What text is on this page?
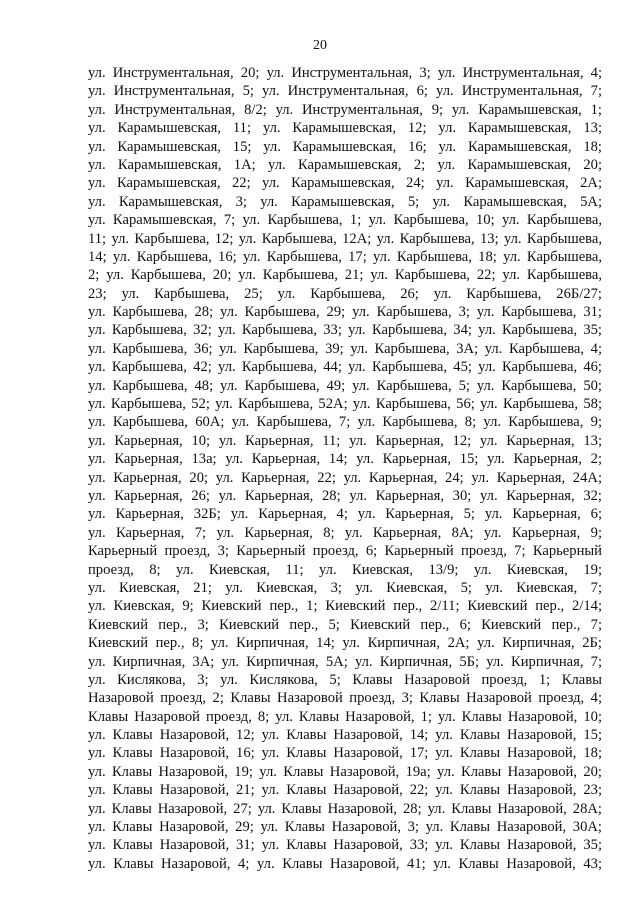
20
ул. Инструментальная, 20; ул. Инструментальная, 3; ул. Инструментальная, 4;
ул. Инструментальная, 5; ул. Инструментальная, 6; ул. Инструментальная, 7;
ул. Инструментальная, 8/2; ул. Инструментальная, 9; ул. Карамышевская, 1;
ул. Карамышевская, 11; ул. Карамышевская, 12; ул. Карамышевская, 13;
ул. Карамышевская, 15; ул. Карамышевская, 16; ул. Карамышевская, 18;
ул. Карамышевская, 1А; ул. Карамышевская, 2; ул. Карамышевская, 20;
ул. Карамышевская, 22; ул. Карамышевская, 24; ул. Карамышевская, 2А;
ул. Карамышевская, 3; ул. Карамышевская, 5; ул. Карамышевская, 5А;
ул. Карамышевская, 7; ул. Карбышева, 1; ул. Карбышева, 10; ул. Карбышева,
11; ул. Карбышева, 12; ул. Карбышева, 12А; ул. Карбышева, 13; ул. Карбышева,
14; ул. Карбышева, 16; ул. Карбышева, 17; ул. Карбышева, 18; ул. Карбышева,
2; ул. Карбышева, 20; ул. Карбышева, 21; ул. Карбышева, 22; ул. Карбышева,
23; ул. Карбышева, 25; ул. Карбышева, 26; ул. Карбышева, 26Б/27;
ул. Карбышева, 28; ул. Карбышева, 29; ул. Карбышева, 3; ул. Карбышева, 31;
ул. Карбышева, 32; ул. Карбышева, 33; ул. Карбышева, 34; ул. Карбышева, 35;
ул. Карбышева, 36; ул. Карбышева, 39; ул. Карбышева, 3А; ул. Карбышева, 4;
ул. Карбышева, 42; ул. Карбышева, 44; ул. Карбышева, 45; ул. Карбышева, 46;
ул. Карбышева, 48; ул. Карбышева, 49; ул. Карбышева, 5; ул. Карбышева, 50;
ул. Карбышева, 52; ул. Карбышева, 52А; ул. Карбышева, 56; ул. Карбышева, 58;
ул. Карбышева, 60А; ул. Карбышева, 7; ул. Карбышева, 8; ул. Карбышева, 9;
ул. Карьерная, 10; ул. Карьерная, 11; ул. Карьерная, 12; ул. Карьерная, 13;
ул. Карьерная, 13а; ул. Карьерная, 14; ул. Карьерная, 15; ул. Карьерная, 2;
ул. Карьерная, 20; ул. Карьерная, 22; ул. Карьерная, 24; ул. Карьерная, 24А;
ул. Карьерная, 26; ул. Карьерная, 28; ул. Карьерная, 30; ул. Карьерная, 32;
ул. Карьерная, 32Б; ул. Карьерная, 4; ул. Карьерная, 5; ул. Карьерная, 6;
ул. Карьерная, 7; ул. Карьерная, 8; ул. Карьерная, 8А; ул. Карьерная, 9;
Карьерный проезд, 3; Карьерный проезд, 6; Карьерный проезд, 7; Карьерный
проезд, 8; ул. Киевская, 11; ул. Киевская, 13/9; ул. Киевская, 19;
ул. Киевская, 21; ул. Киевская, 3; ул. Киевская, 5; ул. Киевская, 7;
ул. Киевская, 9; Киевский пер., 1; Киевский пер., 2/11; Киевский пер., 2/14;
Киевский пер., 3; Киевский пер., 5; Киевский пер., 6; Киевский пер., 7;
Киевский пер., 8; ул. Кирпичная, 14; ул. Кирпичная, 2А; ул. Кирпичная, 2Б;
ул. Кирпичная, 3А; ул. Кирпичная, 5А; ул. Кирпичная, 5Б; ул. Кирпичная, 7;
ул. Кислякова, 3; ул. Кислякова, 5; Клавы Назаровой проезд, 1; Клавы
Назаровой проезд, 2; Клавы Назаровой проезд, 3; Клавы Назаровой проезд, 4;
Клавы Назаровой проезд, 8; ул. Клавы Назаровой, 1; ул. Клавы Назаровой, 10;
ул. Клавы Назаровой, 12; ул. Клавы Назаровой, 14; ул. Клавы Назаровой, 15;
ул. Клавы Назаровой, 16; ул. Клавы Назаровой, 17; ул. Клавы Назаровой, 18;
ул. Клавы Назаровой, 19; ул. Клавы Назаровой, 19а; ул. Клавы Назаровой, 20;
ул. Клавы Назаровой, 21; ул. Клавы Назаровой, 22; ул. Клавы Назаровой, 23;
ул. Клавы Назаровой, 27; ул. Клавы Назаровой, 28; ул. Клавы Назаровой, 28А;
ул. Клавы Назаровой, 29; ул. Клавы Назаровой, 3; ул. Клавы Назаровой, 30А;
ул. Клавы Назаровой, 31; ул. Клавы Назаровой, 33; ул. Клавы Назаровой, 35;
ул. Клавы Назаровой, 4; ул. Клавы Назаровой, 41; ул. Клавы Назаровой, 43;
